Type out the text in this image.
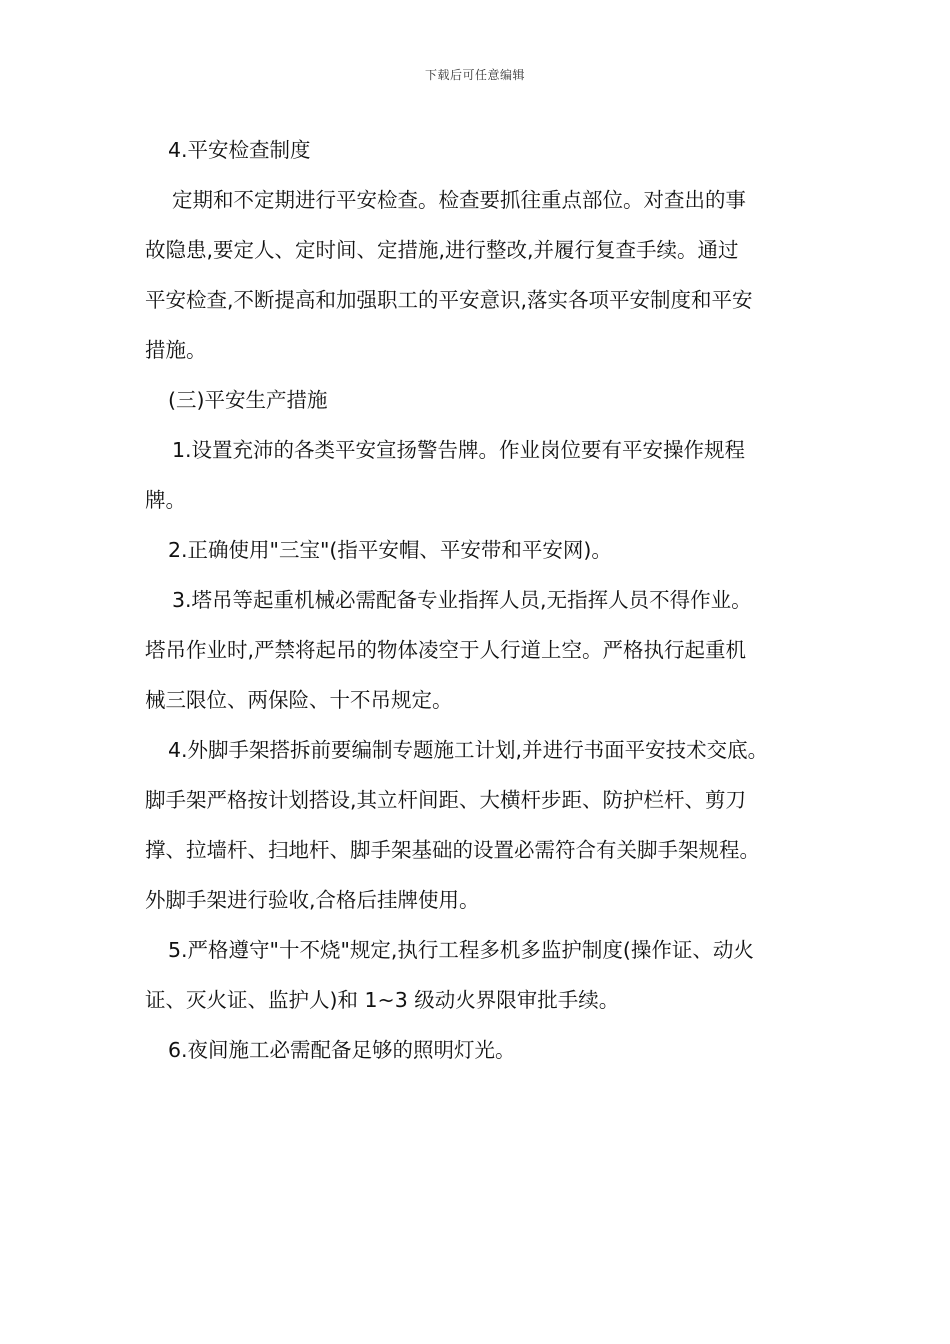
下载后可任意编辑
4.平安检查制度
定期和不定期进行平安检查。检查要抓往重点部位。对查出的事
故隐患,要定人、定时间、定措施,进行整改,并履行复查手续。通过
平安检查,不断提高和加强职工的平安意识,落实各项平安制度和平安
措施。
(三)平安生产措施
1.设置充沛的各类平安宣扬警告牌。作业岗位要有平安操作规程
牌。
2.正确使用"三宝"(指平安帽、平安带和平安网)。
3.塔吊等起重机械必需配备专业指挥人员,无指挥人员不得作业。
塔吊作业时,严禁将起吊的物体凌空于人行道上空。严格执行起重机
械三限位、两保险、十不吊规定。
4.外脚手架搭拆前要编制专题施工计划,并进行书面平安技术交底。
脚手架严格按计划搭设,其立杆间距、大横杆步距、防护栏杆、剪刀
撑、拉墙杆、扫地杆、脚手架基础的设置必需符合有关脚手架规程。
外脚手架进行验收,合格后挂牌使用。
5.严格遵守"十不烧"规定,执行工程多机多监护制度(操作证、动火
证、灭火证、监护人)和 1~3 级动火界限审批手续。
6.夜间施工必需配备足够的照明灯光。
